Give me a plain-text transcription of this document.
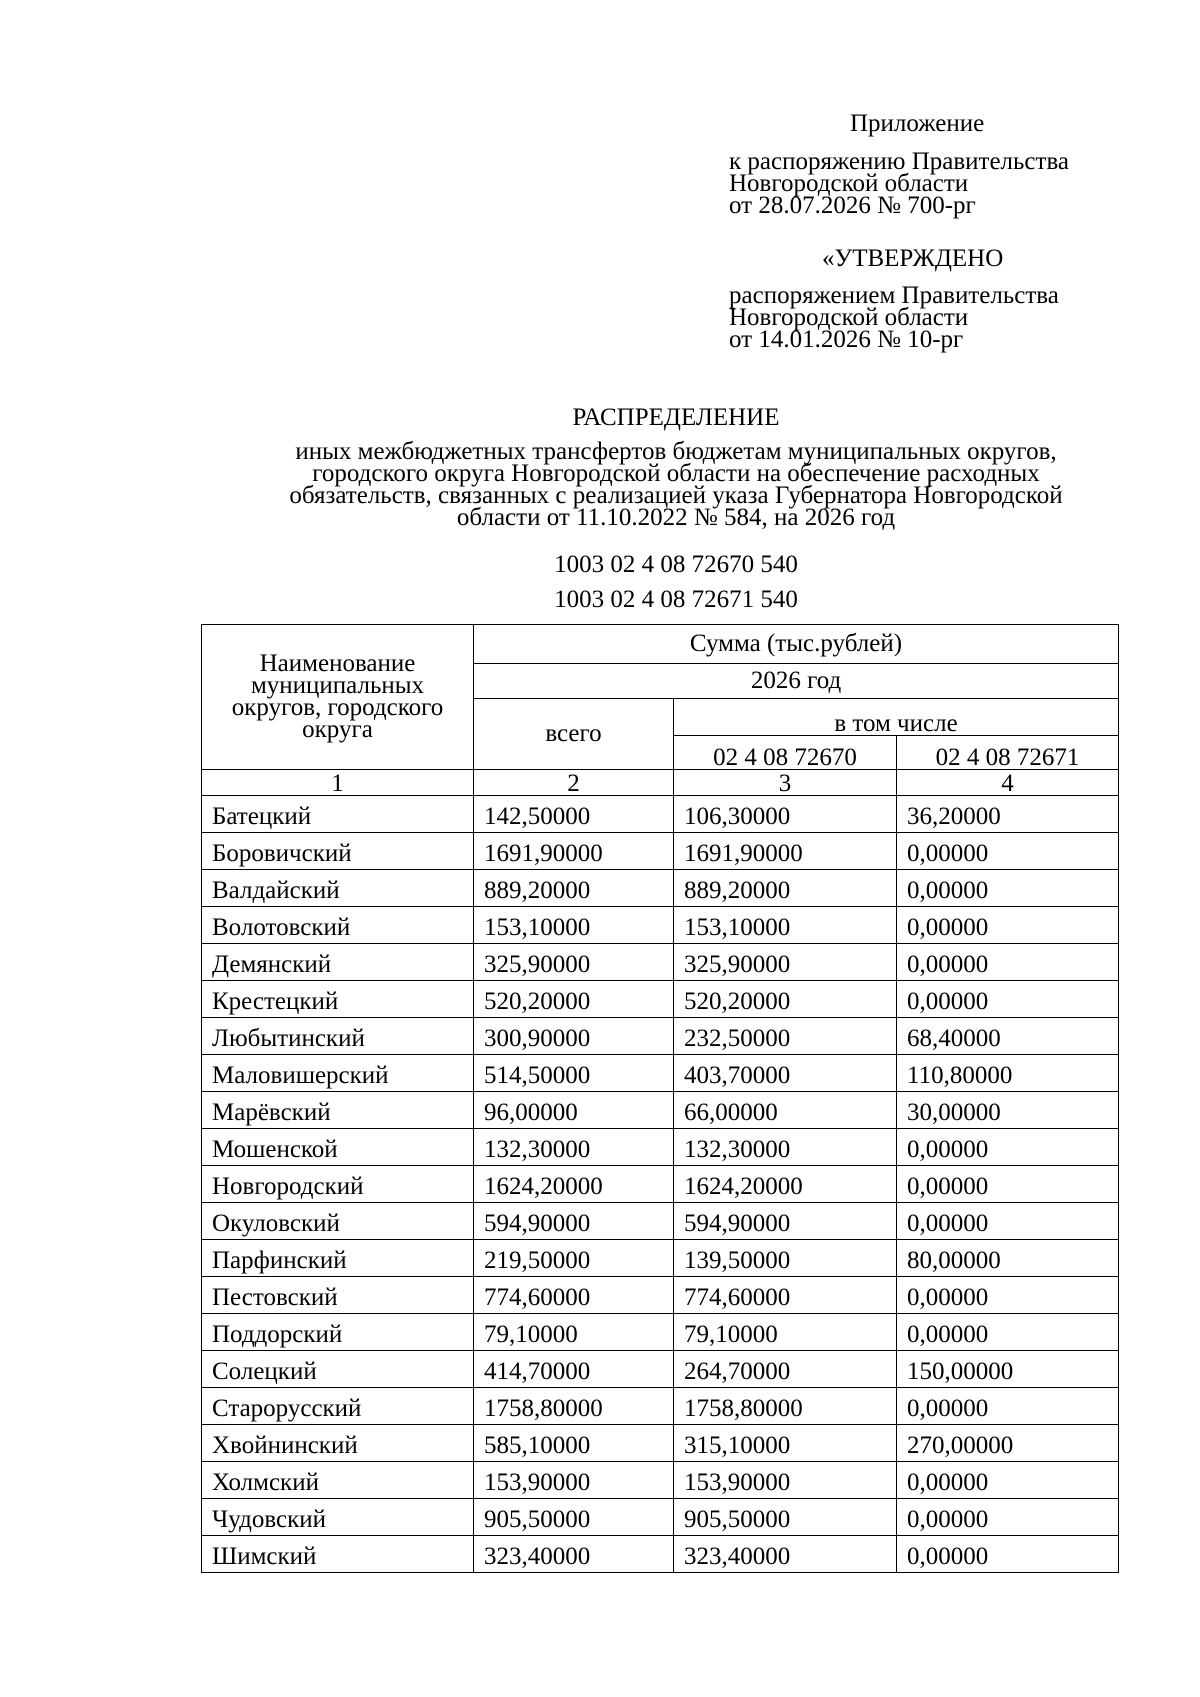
Приложение
к распоряжению Правительства
Новгородской области
от 28.07.2026 № 700-рг
«УТВЕРЖДЕНО
распоряжением Правительства
Новгородской области
от 14.01.2026 № 10-рг
РАСПРЕДЕЛЕНИЕ
иных межбюджетных трансфертов бюджетам муниципальных округов,
городского округа Новгородской области на обеспечение расходных
обязательств, связанных с реализацией указа Губернатора Новгородской
области от 11.10.2022 № 584, на 2026 год
1003 02 4 08 72670 540
1003 02 4 08 72671 540
Наименование муниципальных округов, городского округа	Сумма (тыс.рублей)		
	2026 год		
	всего	в том числе	
		02 4 08 72670	02 4 08 72671
1	2	3	4
Батецкий	142,50000	106,30000	36,20000
Боровичский	1691,90000	1691,90000	0,00000
Валдайский	889,20000	889,20000	0,00000
Волотовский	153,10000	153,10000	0,00000
Демянский	325,90000	325,90000	0,00000
Крестецкий	520,20000	520,20000	0,00000
Любытинский	300,90000	232,50000	68,40000
Маловишерский	514,50000	403,70000	110,80000
Марёвский	96,00000	66,00000	30,00000
Мошенской	132,30000	132,30000	0,00000
Новгородский	1624,20000	1624,20000	0,00000
Окуловский	594,90000	594,90000	0,00000
Парфинский	219,50000	139,50000	80,00000
Пестовский	774,60000	774,60000	0,00000
Поддорский	79,10000	79,10000	0,00000
Солецкий	414,70000	264,70000	150,00000
Старорусский	1758,80000	1758,80000	0,00000
Хвойнинский	585,10000	315,10000	270,00000
Холмский	153,90000	153,90000	0,00000
Чудовский	905,50000	905,50000	0,00000
Шимский	323,40000	323,40000	0,00000
